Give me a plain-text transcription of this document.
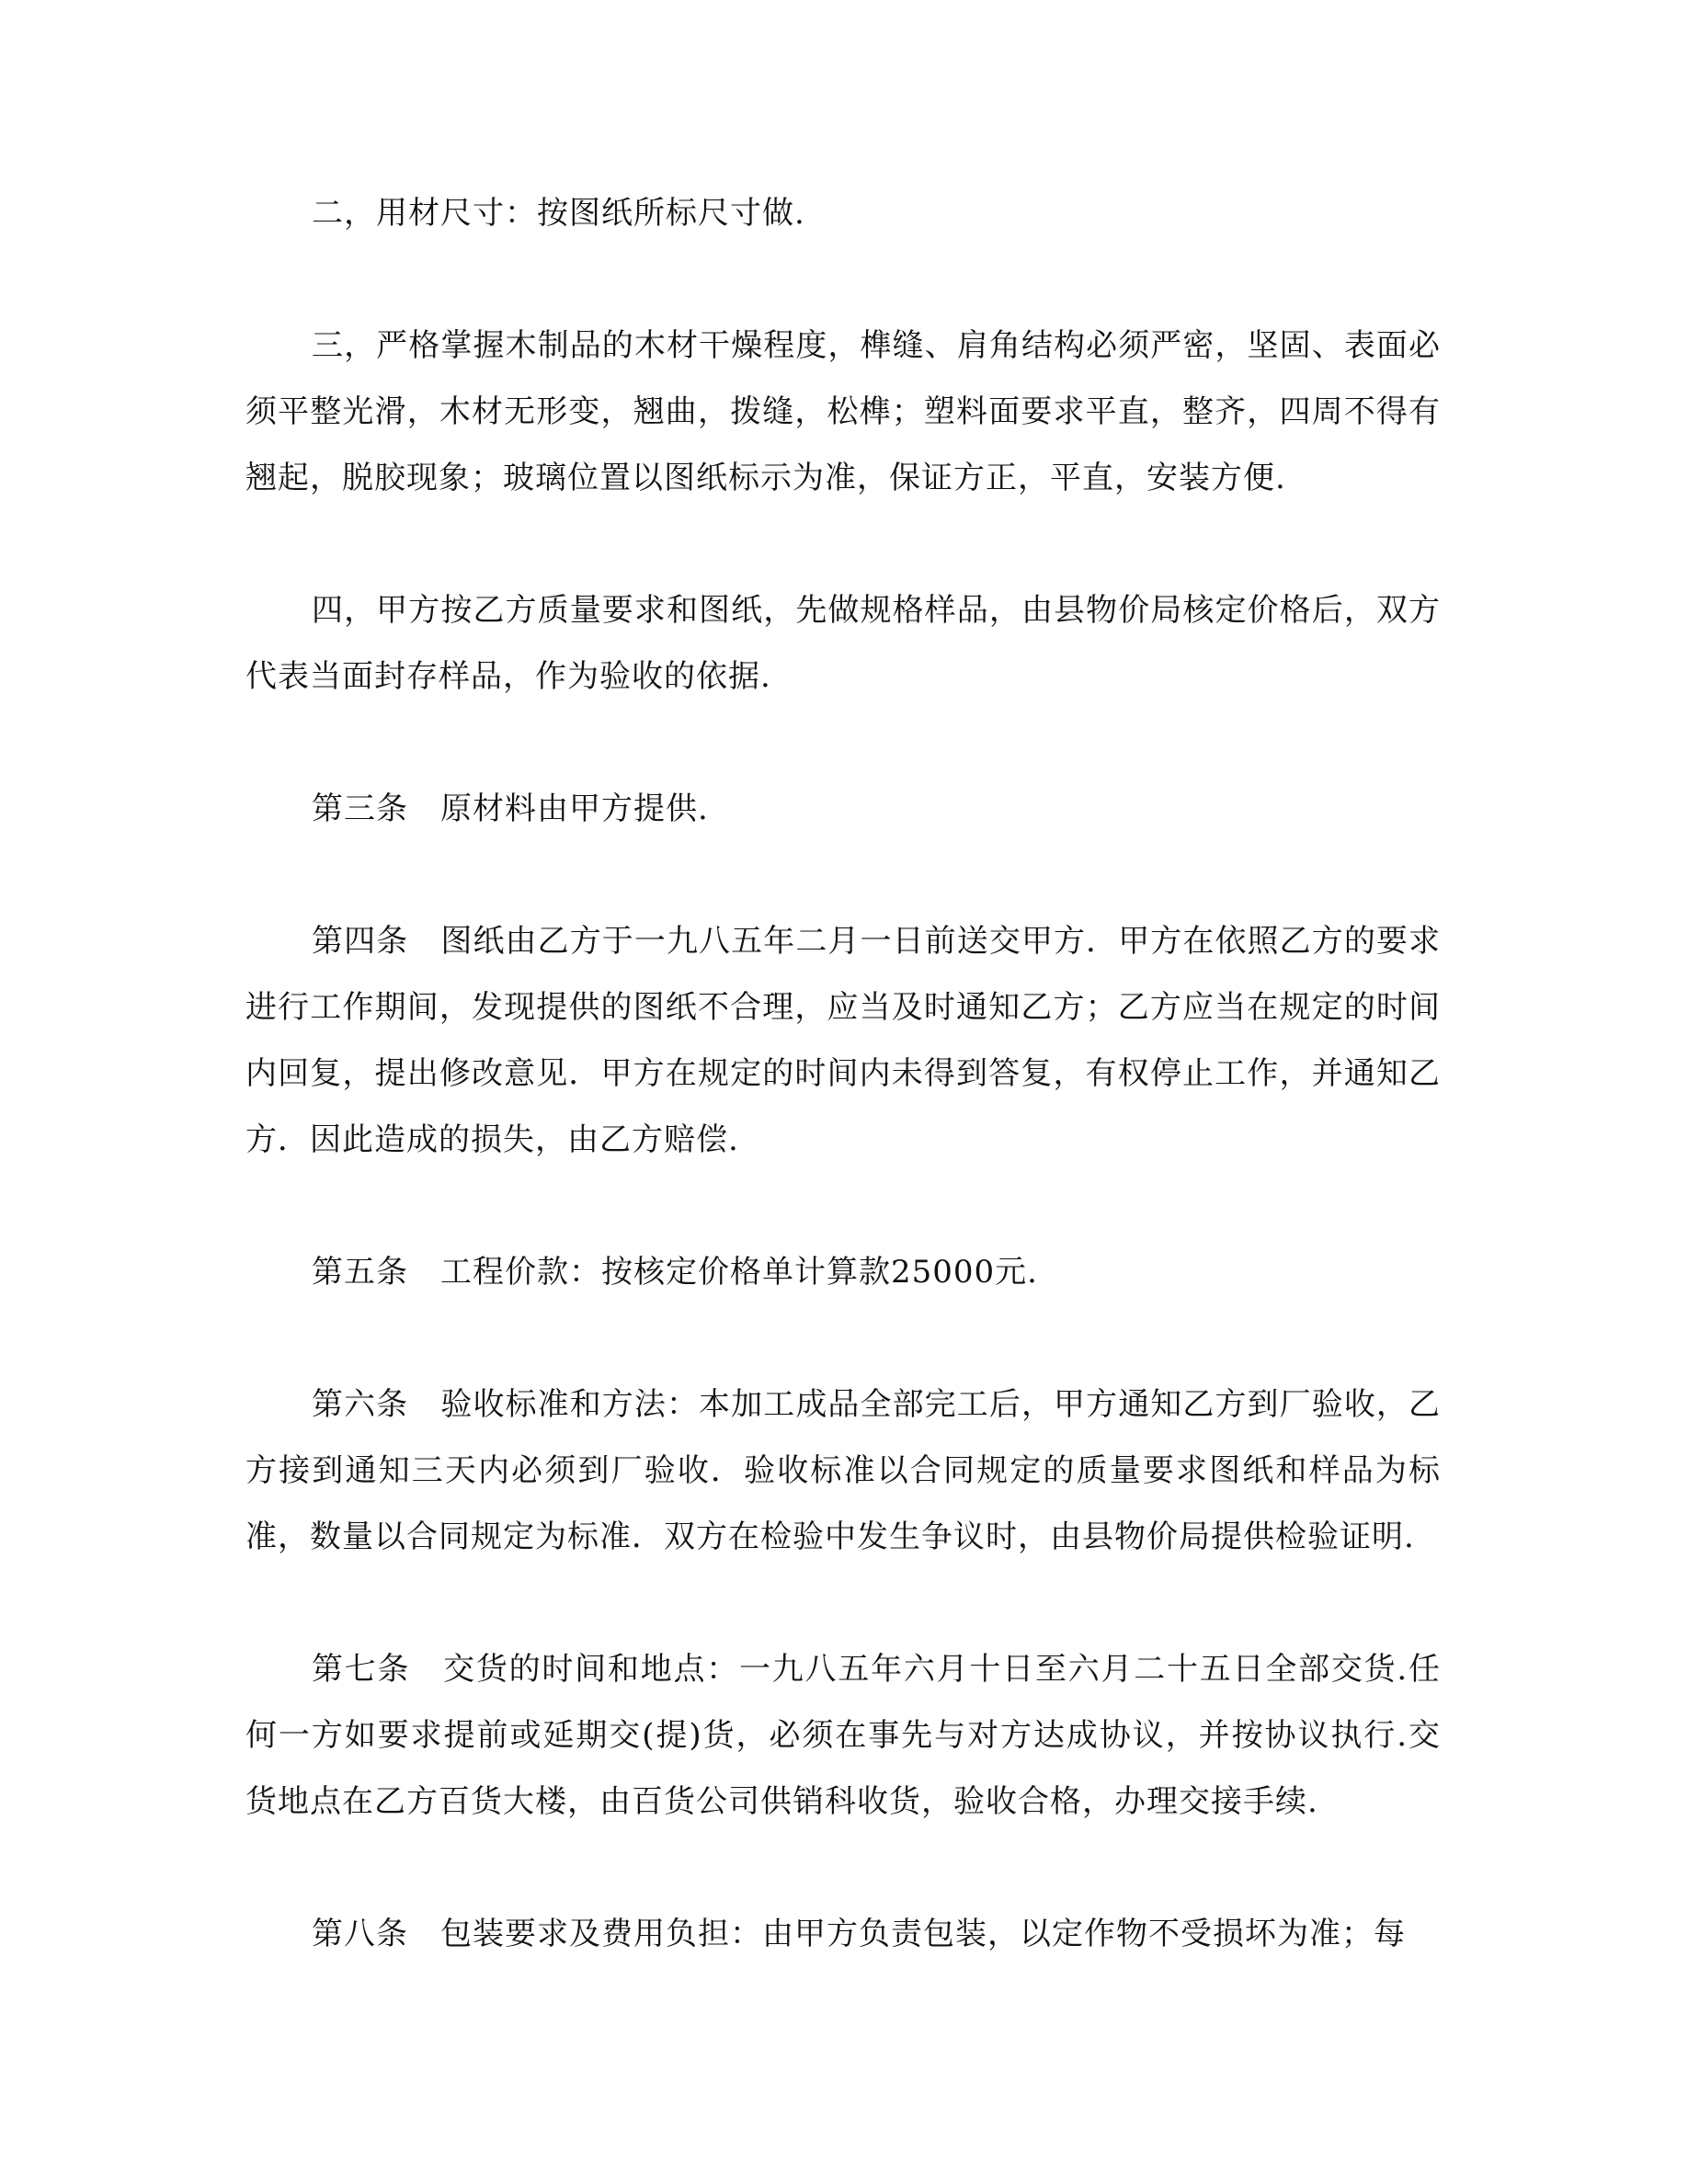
二，用材尺寸：按图纸所标尺寸做.

三，严格掌握木制品的木材干燥程度，榫缝、肩角结构必须严密，坚固、表面必须平整光滑，木材无形变，翘曲，拨缝，松榫；塑料面要求平直，整齐，四周不得有翘起，脱胶现象；玻璃位置以图纸标示为准，保证方正，平直，安装方便.

四，甲方按乙方质量要求和图纸，先做规格样品，由县物价局核定价格后，双方代表当面封存样品，作为验收的依据.

第三条　原材料由甲方提供.

第四条　图纸由乙方于一九八五年二月一日前送交甲方．甲方在依照乙方的要求进行工作期间，发现提供的图纸不合理，应当及时通知乙方；乙方应当在规定的时间内回复，提出修改意见．甲方在规定的时间内未得到答复，有权停止工作，并通知乙方．因此造成的损失，由乙方赔偿.

第五条　工程价款：按核定价格单计算款25000元.

第六条　验收标准和方法：本加工成品全部完工后，甲方通知乙方到厂验收，乙方接到通知三天内必须到厂验收．验收标准以合同规定的质量要求图纸和样品为标准，数量以合同规定为标准．双方在检验中发生争议时，由县物价局提供检验证明.

第七条　交货的时间和地点：一九八五年六月十日至六月二十五日全部交货.任何一方如要求提前或延期交(提)货，必须在事先与对方达成协议，并按协议执行.交货地点在乙方百货大楼，由百货公司供销科收货，验收合格，办理交接手续.

第八条　包装要求及费用负担：由甲方负责包装，以定作物不受损坏为准；每
